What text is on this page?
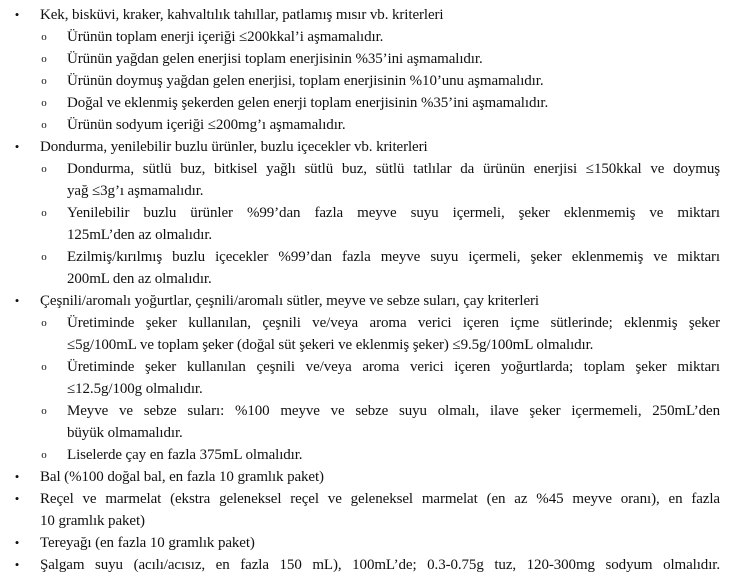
• Kek, bisküvi, kraker, kahvaltılık tahıllar, patlamış mısır vb. kriterleri
o Ürünün toplam enerji içeriği ≤200kkal’i aşmamalıdır.
o Ürünün yağdan gelen enerjisi toplam enerjisinin %35’ini aşmamalıdır.
o Ürünün doymuş yağdan gelen enerjisi, toplam enerjisinin %10’unu aşmamalıdır.
o Doğal ve eklenmiş şekerden gelen enerji toplam enerjisinin %35’ini aşmamalıdır.
o Ürünün sodyum içeriği ≤200mg’ı aşmamalıdır.
• Dondurma, yenilebilir buzlu ürünler, buzlu içecekler vb. kriterleri
o Dondurma, sütlü buz, bitkisel yağlı sütlü buz, sütlü tatlılar da ürünün enerjisi ≤150kkal ve doymuş
yağ ≤3g’ı aşmamalıdır.
o Yenilebilir buzlu ürünler %99’dan fazla meyve suyu içermeli, şeker eklenmemiş ve miktarı
125mL’den az olmalıdır.
o Ezilmiş/kırılmış buzlu içecekler %99’dan fazla meyve suyu içermeli, şeker eklenmemiş ve miktarı
200mL den az olmalıdır.
• Çeşnili/aromalı yoğurtlar, çeşnili/aromalı sütler, meyve ve sebze suları, çay kriterleri
o Üretiminde şeker kullanılan, çeşnili ve/veya aroma verici içeren içme sütlerinde; eklenmiş şeker
≤5g/100mL ve toplam şeker (doğal süt şekeri ve eklenmiş şeker) ≤9.5g/100mL olmalıdır.
o Üretiminde şeker kullanılan çeşnili ve/veya aroma verici içeren yoğurtlarda; toplam şeker miktarı
≤12.5g/100g olmalıdır.
o Meyve ve sebze suları: %100 meyve ve sebze suyu olmalı, ilave şeker içermemeli, 250mL’den
büyük olmamalıdır.
o Liselerde çay en fazla 375mL olmalıdır.
• Bal (%100 doğal bal, en fazla 10 gramlık paket)
• Reçel ve marmelat (ekstra geleneksel reçel ve geleneksel marmelat (en az %45 meyve oranı), en fazla
10 gramlık paket)
• Tereyağı (en fazla 10 gramlık paket)
• Şalgam suyu (acılı/acısız, en fazla 150 mL), 100mL’de; 0.3-0.75g tuz, 120-300mg sodyum olmalıdır.
